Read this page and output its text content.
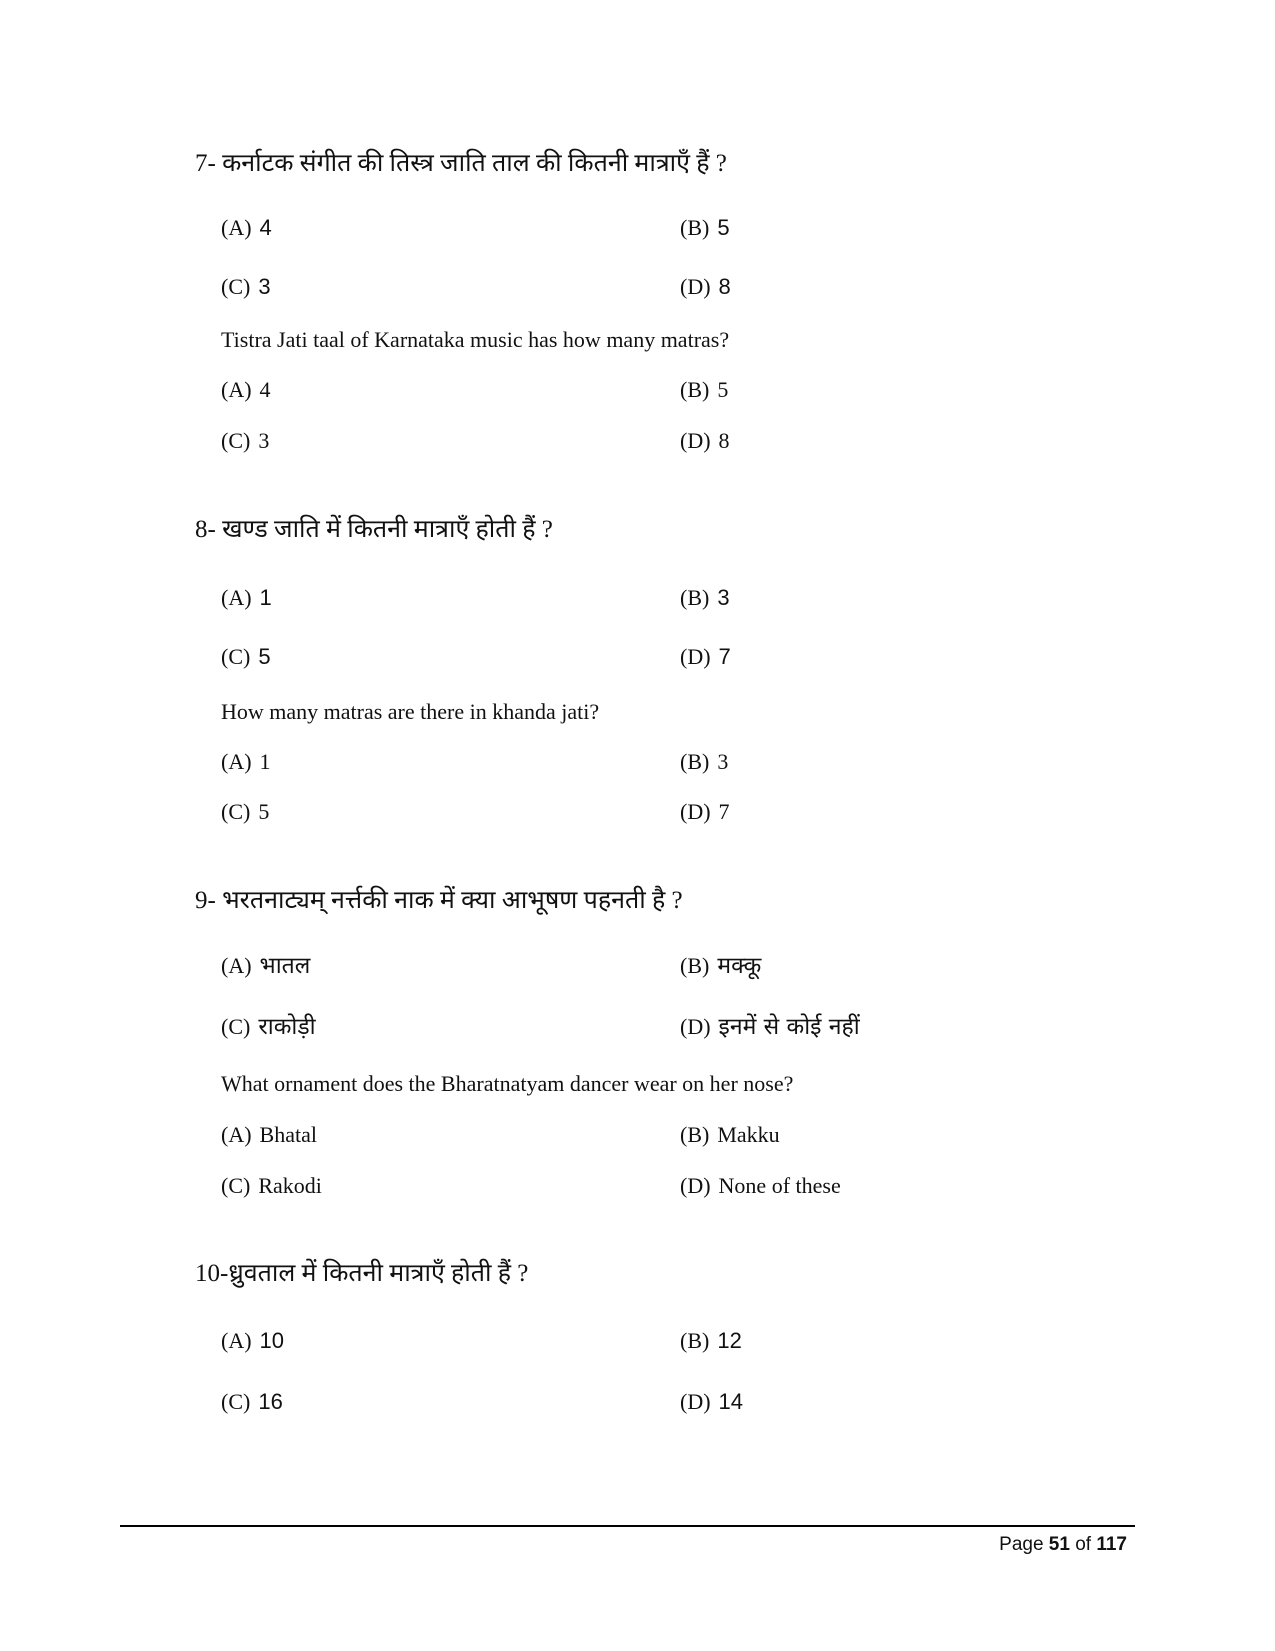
7- कर्नाटक संगीत की तिस्त्र जाति ताल की कितनी मात्राएँ हैं ?
(A) 4	(B) 5
(C) 3	(D) 8
Tistra Jati taal of Karnataka music has how many matras?
(A) 4	(B) 5
(C) 3	(D) 8
8- खण्ड जाति में कितनी मात्राएँ होती हैं ?
(A) 1	(B) 3
(C) 5	(D) 7
How many matras are there in khanda jati?
(A) 1	(B) 3
(C) 5	(D) 7
9- भरतनाट्यम् नर्त्तकी नाक में क्या आभूषण पहनती है ?
(A) भातल	(B) मक्कू
(C) राकोड़ी	(D) इनमें से कोई नहीं
What ornament does the Bharatnatyam dancer wear on her nose?
(A) Bhatal	(B) Makku
(C) Rakodi	(D) None of these
10-ध्रुवताल में कितनी मात्राएँ होती हैं ?
(A) 10	(B) 12
(C) 16	(D) 14
Page 51 of 117
